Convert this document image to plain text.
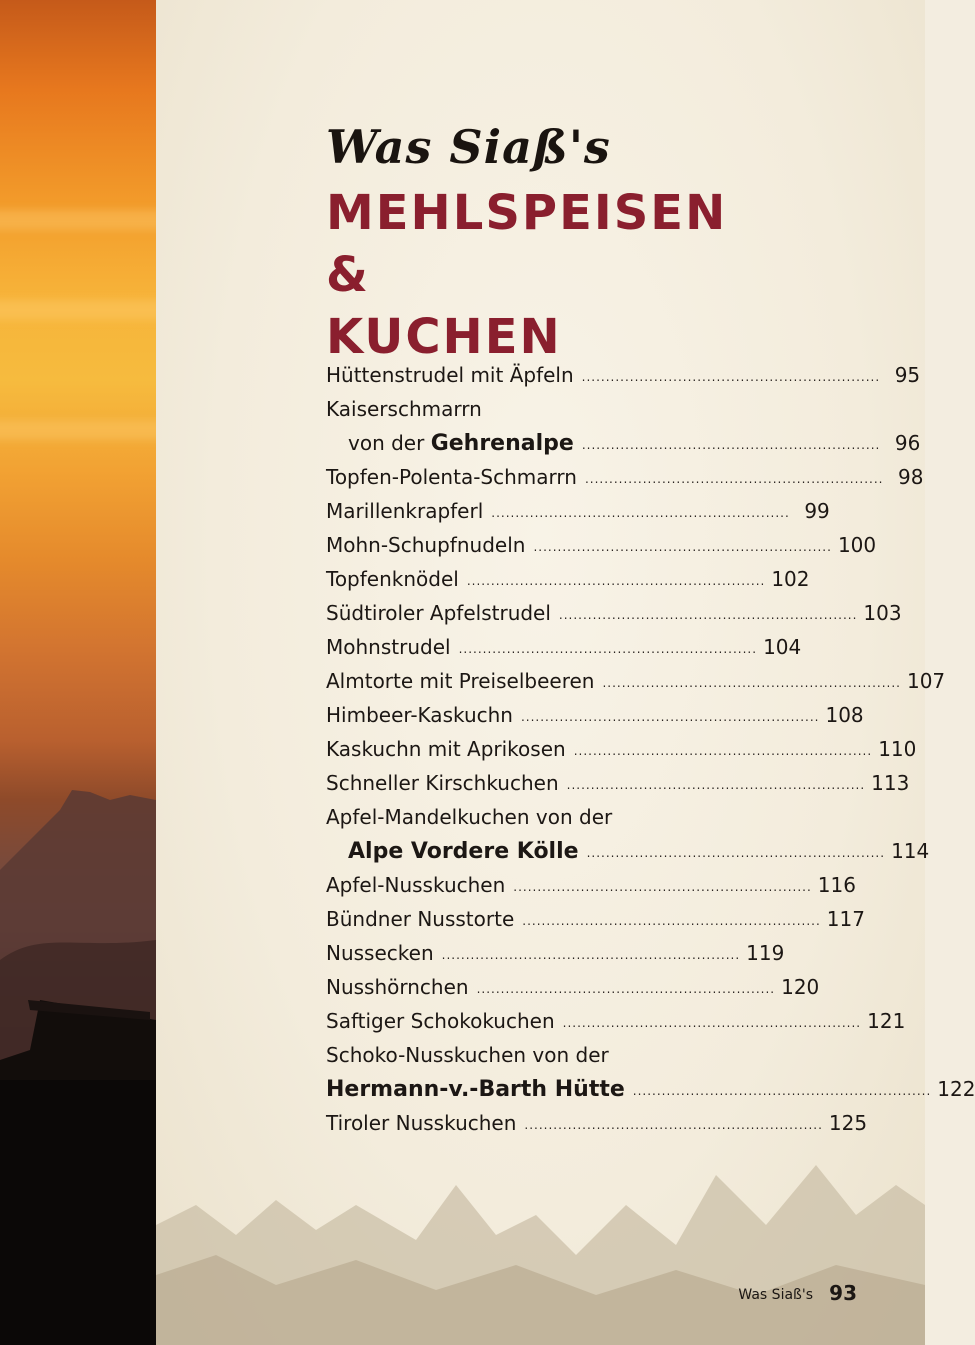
Was Siaß's
MEHLSPEISEN &
KUCHEN
Hüttenstrudel mit Äpfeln .............................................................. 95
Kaiserschmarrn
von der Gehrenalpe .............................................................. 96
Topfen-Polenta-Schmarrn .............................................................. 98
Marillenkrapferl .............................................................. 99
Mohn-Schupfnudeln .............................................................. 100
Topfenknödel .............................................................. 102
Südtiroler Apfelstrudel .............................................................. 103
Mohnstrudel .............................................................. 104
Almtorte mit Preiselbeeren .............................................................. 107
Himbeer-Kaskuchn .............................................................. 108
Kaskuchn mit Aprikosen .............................................................. 110
Schneller Kirschkuchen .............................................................. 113
Apfel-Mandelkuchen von der
Alpe Vordere Kölle .............................................................. 114
Apfel-Nusskuchen .............................................................. 116
Bündner Nusstorte .............................................................. 117
Nussecken .............................................................. 119
Nusshörnchen .............................................................. 120
Saftiger Schokokuchen .............................................................. 121
Schoko-Nusskuchen von der
Hermann-v.-Barth Hütte .............................................................. 122
Tiroler Nusskuchen .............................................................. 125
Was Siaß's 93
